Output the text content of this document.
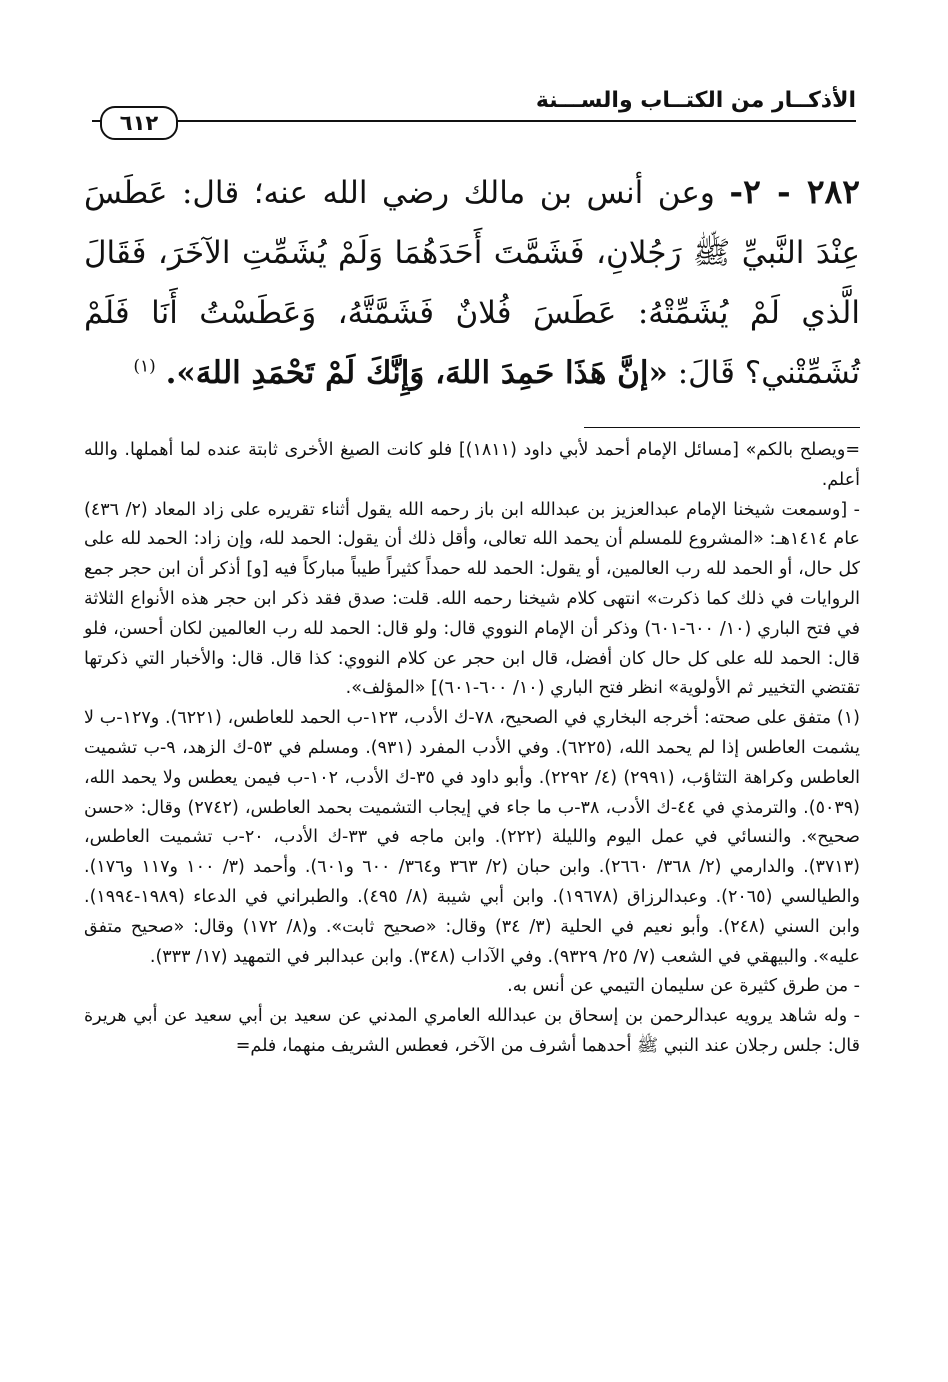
الأذكــار من الكتــاب والســـنة
٦١٢
٢٨٢ - ٢- وعن أنس بن مالك رضي الله عنه؛ قال: عَطَسَ عِنْدَ النَّبيِّ ﷺ رَجُلانِ، فَشَمَّتَ أَحَدَهُمَا وَلَمْ يُشَمِّتِ الآخَرَ، فَقَالَ الَّذي لَمْ يُشَمِّتْهُ: عَطَسَ فُلانٌ فَشَمَّتَّهُ، وَعَطَسْتُ أَنَا فَلَمْ تُشَمِّتْني؟ قَالَ: «إنَّ هَذَا حَمِدَ اللهَ، وَإِنَّكَ لَمْ تَحْمَدِ اللهَ». $^{(١)}$

=ويصلح بالكم» [مسائل الإمام أحمد لأبي داود (١٨١١)] فلو كانت الصيغ الأخرى ثابتة عنده لما أهملها. والله أعلم.

- [وسمعت شيخنا الإمام عبدالعزيز بن عبدالله ابن باز رحمه الله يقول أثناء تقريره على زاد المعاد (٢/ ٤٣٦) عام ١٤١٤هـ: «المشروع للمسلم أن يحمد الله تعالى، وأقل ذلك أن يقول: الحمد لله، وإن زاد: الحمد لله على كل حال، أو الحمد لله رب العالمين، أو يقول: الحمد لله حمداً كثيراً طيباً مباركاً فيه [و] أذكر أن ابن حجر جمع الروايات في ذلك كما ذكرت» انتهى كلام شيخنا رحمه الله. قلت: صدق فقد ذكر ابن حجر هذه الأنواع الثلاثة في فتح الباري (١٠/ ٦٠٠-٦٠١) وذكر أن الإمام النووي قال: ولو قال: الحمد لله رب العالمين لكان أحسن، فلو قال: الحمد لله على كل حال كان أفضل، قال ابن حجر عن كلام النووي: كذا قال. قال: والأخبار التي ذكرتها تقتضي التخيير ثم الأولوية» انظر فتح الباري (١٠/ ٦٠٠-٦٠١)] «المؤلف».

(١) متفق على صحته: أخرجه البخاري في الصحيح، ٧٨-ك الأدب، ١٢٣-ب الحمد للعاطس، (٦٢٢١). و١٢٧-ب لا يشمت العاطس إذا لم يحمد الله، (٦٢٢٥). وفي الأدب المفرد (٩٣١). ومسلم في ٥٣-ك الزهد، ٩-ب تشميت العاطس وكراهة التثاؤب، (٢٩٩١) (٤/ ٢٢٩٢). وأبو داود في ٣٥-ك الأدب، ١٠٢-ب فيمن يعطس ولا يحمد الله، (٥٠٣٩). والترمذي في ٤٤-ك الأدب، ٣٨-ب ما جاء في إيجاب التشميت بحمد العاطس، (٢٧٤٢) وقال: «حسن صحيح». والنسائي في عمل اليوم والليلة (٢٢٢). وابن ماجه في ٣٣-ك الأدب، ٢٠-ب تشميت العاطس، (٣٧١٣). والدارمي (٢/ ٣٦٨/ ٢٦٦٠). وابن حبان (٢/ ٣٦٣ و٣٦٤/ ٦٠٠ و٦٠١). وأحمد (٣/ ١٠٠ و١١٧ و١٧٦). والطيالسي (٢٠٦٥). وعبدالرزاق (١٩٦٧٨). وابن أبي شيبة (٨/ ٤٩٥). والطبراني في الدعاء (١٩٨٩-١٩٩٤). وابن السني (٢٤٨). وأبو نعيم في الحلية (٣/ ٣٤) وقال: «صحيح ثابت». و(٨/ ١٧٢) وقال: «صحيح متفق عليه». والبيهقي في الشعب (٧/ ٢٥/ ٩٣٢٩). وفي الآداب (٣٤٨). وابن عبدالبر في التمهيد (١٧/ ٣٣٣).

- من طرق كثيرة عن سليمان التيمي عن أنس به.

- وله شاهد يرويه عبدالرحمن بن إسحاق بن عبدالله العامري المدني عن سعيد بن أبي سعيد عن أبي هريرة قال: جلس رجلان عند النبي ﷺ أحدهما أشرف من الآخر، فعطس الشريف منهما، فلم=
